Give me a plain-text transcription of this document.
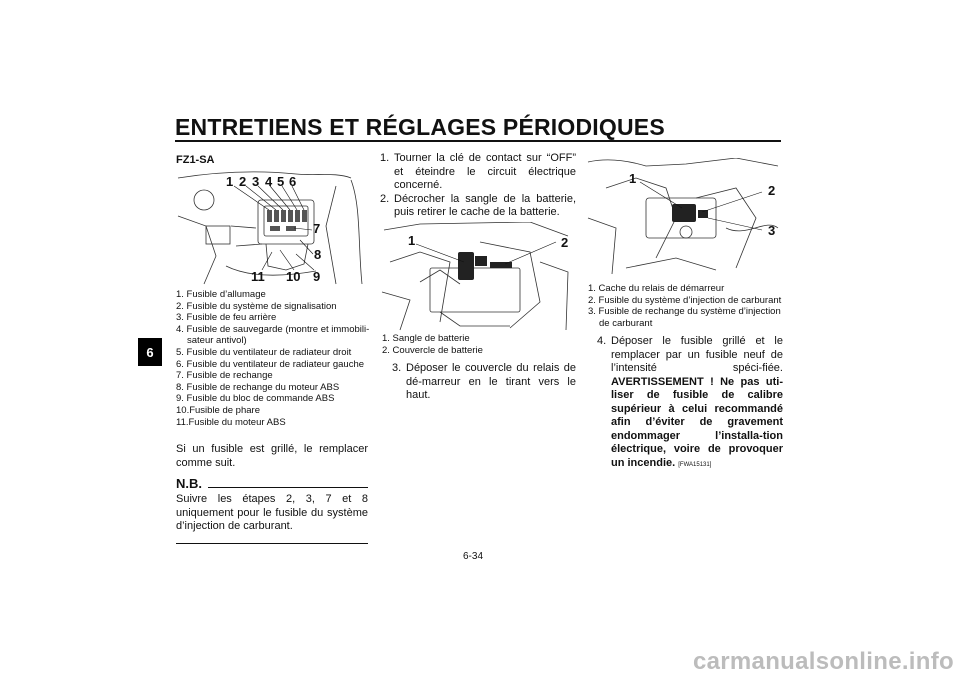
ENTRETIENS ET RÉGLAGES PÉRIODIQUES
6
FZ1-SA
1 2 3 4 5 6
7
8
9
10
11
1. Fusible d’allumage
2. Fusible du système de signalisation
3. Fusible de feu arrière
4. Fusible de sauvegarde (montre et immobili-
sateur antivol)
5. Fusible du ventilateur de radiateur droit
6. Fusible du ventilateur de radiateur gauche
7. Fusible de rechange
8. Fusible de rechange du moteur ABS
9. Fusible du bloc de commande ABS
10.Fusible de phare
11.Fusible du moteur ABS
Si un fusible est grillé, le remplacer comme suit.
N.B.
Suivre les étapes 2, 3, 7 et 8 uniquement pour le fusible du système d’injection de carburant.
1. Tourner la clé de contact sur “OFF” et éteindre le circuit électrique concerné.
2. Décrocher la sangle de la batterie, puis retirer le cache de la batterie.
1	2
1. Sangle de batterie
2. Couvercle de batterie
3. Déposer le couvercle du relais de dé-marreur en le tirant vers le haut.
1
2
3
1. Cache du relais de démarreur
2. Fusible du système d’injection de carburant
3. Fusible de rechange du système d’injection
de carburant
4. Déposer le fusible grillé et le remplacer par un fusible neuf de l’intensité spéci-fiée. AVERTISSEMENT ! Ne pas uti-liser de fusible de calibre supérieur à celui recommandé afin d’éviter de gravement endommager l’installa-tion électrique, voire de provoquer un incendie. [FWA15131]
6-34
carmanualsonline.info
